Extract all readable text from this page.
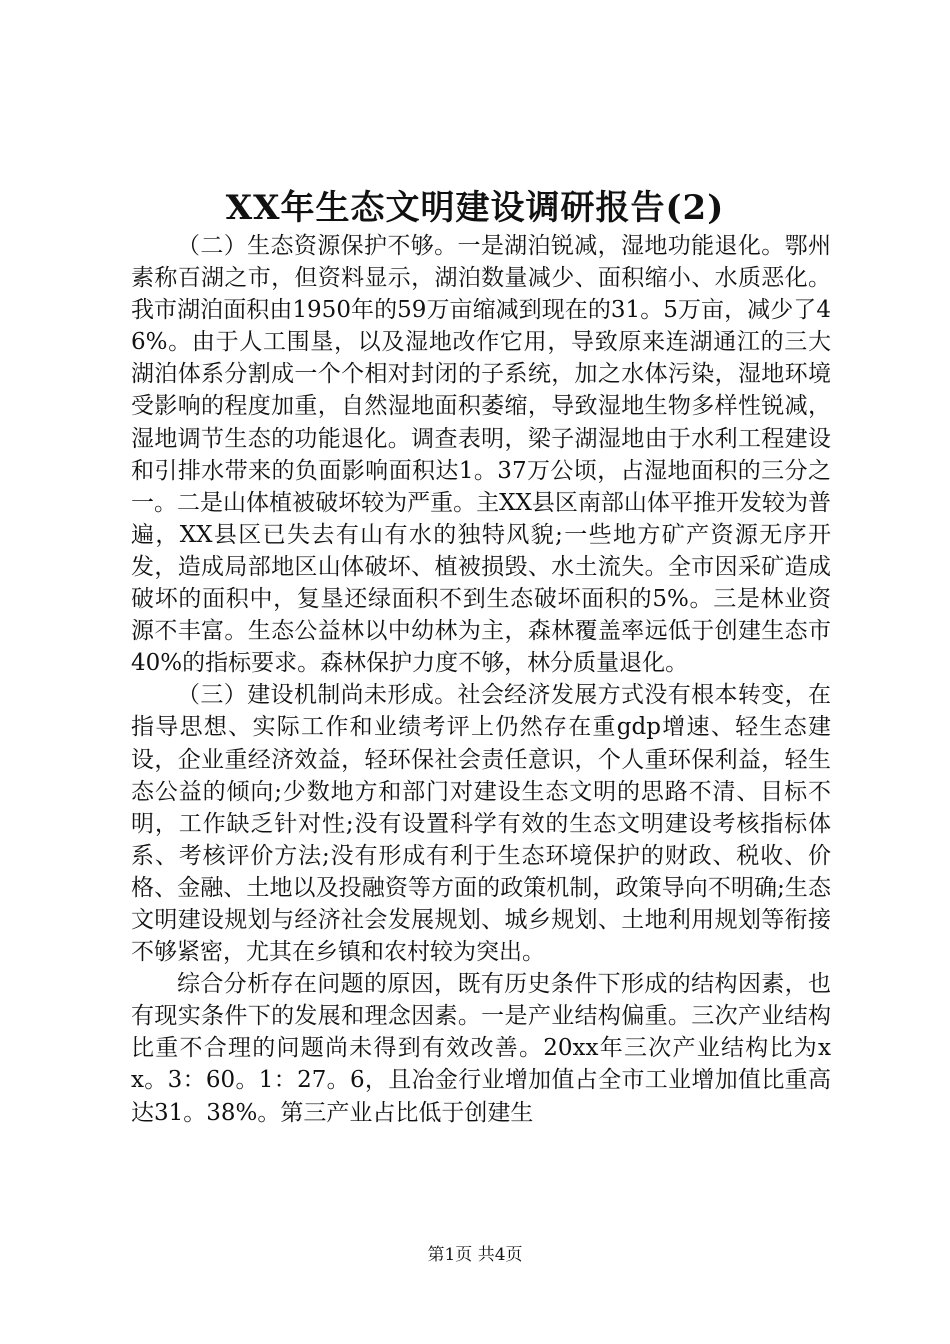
XX年生态文明建设调研报告(2)

（二）生态资源保护不够。一是湖泊锐减，湿地功能退化。鄂州素称百湖之市，但资料显示，湖泊数量减少、面积缩小、水质恶化。我市湖泊面积由1950年的59万亩缩减到现在的31。5万亩，减少了46%。由于人工围垦，以及湿地改作它用，导致原来连湖通江的三大湖泊体系分割成一个个相对封闭的子系统，加之水体污染，湿地环境受影响的程度加重，自然湿地面积萎缩，导致湿地生物多样性锐减，湿地调节生态的功能退化。调查表明，梁子湖湿地由于水利工程建设和引排水带来的负面影响面积达1。37万公顷，占湿地面积的三分之一。二是山体植被破坏较为严重。主XX县区南部山体平推开发较为普遍，XX县区已失去有山有水的独特风貌;一些地方矿产资源无序开发，造成局部地区山体破坏、植被损毁、水土流失。全市因采矿造成破坏的面积中，复垦还绿面积不到生态破坏面积的5%。三是林业资源不丰富。生态公益林以中幼林为主，森林覆盖率远低于创建生态市40%的指标要求。森林保护力度不够，林分质量退化。

（三）建设机制尚未形成。社会经济发展方式没有根本转变，在指导思想、实际工作和业绩考评上仍然存在重gdp增速、轻生态建设，企业重经济效益，轻环保社会责任意识，个人重环保利益，轻生态公益的倾向;少数地方和部门对建设生态文明的思路不清、目标不明，工作缺乏针对性;没有设置科学有效的生态文明建设考核指标体系、考核评价方法;没有形成有利于生态环境保护的财政、税收、价格、金融、土地以及投融资等方面的政策机制，政策导向不明确;生态文明建设规划与经济社会发展规划、城乡规划、土地利用规划等衔接不够紧密，尤其在乡镇和农村较为突出。

综合分析存在问题的原因，既有历史条件下形成的结构因素，也有现实条件下的发展和理念因素。一是产业结构偏重。三次产业结构比重不合理的问题尚未得到有效改善。20xx年三次产业结构比为xx。3：60。1：27。6，且冶金行业增加值占全市工业增加值比重高达31。38%。第三产业占比低于创建生

第1页 共4页
